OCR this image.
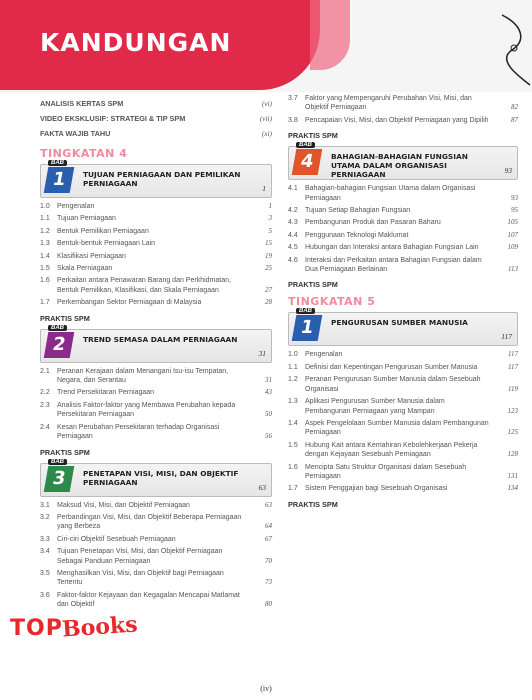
KANDUNGAN
ANALISIS KERTAS SPM	(vi)
VIDEO EKSKLUSIF: STRATEGI & TIP SPM	(vii)
FAKTA WAJIB TAHU	(xi)
TINGKATAN 4
BAB
1	TUJUAN PERNIAGAAN DAN PEMILIKAN PERNIAGAAN
1
1.0	Pengenalan	1
1.1	Tujuan Perniagaan	3
1.2	Bentuk Pemilikan Perniagaan	5
1.3	Bentuk-bentuk Perniagaan Lain	15
1.4	Klasifikasi Perniagaan	19
1.5	Skala Perniagaan	25
1.6	Perkaitan antara Penawaran Barang dan Perkhidmatan, Bentuk Pemilikan, Klasifikasi, dan Skala Perniagaan	27
1.7	Perkembangan Sektor Perniagaan di Malaysia	28
PRAKTIS SPM
BAB
2	TREND SEMASA DALAM PERNIAGAAN
31
2.1	Peranan Kerajaan dalam Menangani Isu-isu Tempatan, Negara, dan Serantau	31
2.2	Trend Persekitaran Perniagaan	43
2.3	Analisis Faktor-faktor yang Membawa Perubahan kepada Persekitaran Perniagaan	50
2.4	Kesan Perubahan Persekitaran terhadap Organisasi Perniagaan	56
PRAKTIS SPM
BAB
3	PENETAPAN VISI, MISI, DAN OBJEKTIF PERNIAGAAN
63
3.1	Maksud Visi, Misi, dan Objektif Perniagaan	63
3.2	Perbandingan Visi, Misi, dan Objektif Beberapa Perniagaan yang Berbeza	64
3.3	Ciri-ciri Objektif Sesebuah Perniagaan	67
3.4	Tujuan Penetapan Visi, Misi, dan Objektif Perniagaan Sebagai Panduan Perniagaan	70
3.5	Menghasilkan Visi, Misi, dan Objektif bagi Perniagaan Tertentu	73
3.6	Faktor-faktor Kejayaan dan Kegagalan Mencapai Matlamat dan Objektif	80
3.7	Faktor yang Mempengaruhi Perubahan Visi, Misi, dan Objektif Perniagaan	82
3.8	Pencapaian Visi, Misi, dan Objektif Perniagaan yang Dipilih	87
PRAKTIS SPM
BAB
4	BAHAGIAN-BAHAGIAN FUNGSIAN UTAMA DALAM ORGANISASI PERNIAGAAN	93
4.1	Bahagian-bahagian Fungsian Utama dalam Organisasi Perniagaan	93
4.2	Tujuan Setiap Bahagian Fungsian	95
4.3	Pembangunan Produk dan Pasaran Baharu	105
4.4	Penggunaan Teknologi Maklumat	107
4.5	Hubungan dan Interaksi antara Bahagian Fungsian Lain	109
4.6	Interaksi dan Perkaitan antara Bahagian Fungsian dalam Dua Perniagaan Berlainan	113
PRAKTIS SPM
TINGKATAN 5
BAB
1	PENGURUSAN SUMBER MANUSIA
117
1.0	Pengenalan	117
1.1	Definisi dan Kepentingan Pengurusan Sumber Manusia	117
1.2	Peranan Pengurusan Sumber Manusia dalam Sesebuah Organisasi	119
1.3	Aplikasi Pengurusan Sumber Manusia dalam Pembangunan Perniagaan yang Mampan	123
1.4	Aspek Pengelolaan Sumber Manusia dalam Pembangunan Perniagaan	125
1.5	Hubung Kait antara Kemahiran Kebolehkerjaan Pekerja dengan Kejayaan Sesebuah Perniagaan	128
1.6	Mencipta Satu Struktur Organisasi dalam Sesebuah Perniagaan	131
1.7	Sistem Penggajian bagi Sesebuah Organisasi	134
PRAKTIS SPM
TOP
Books
(iv)
